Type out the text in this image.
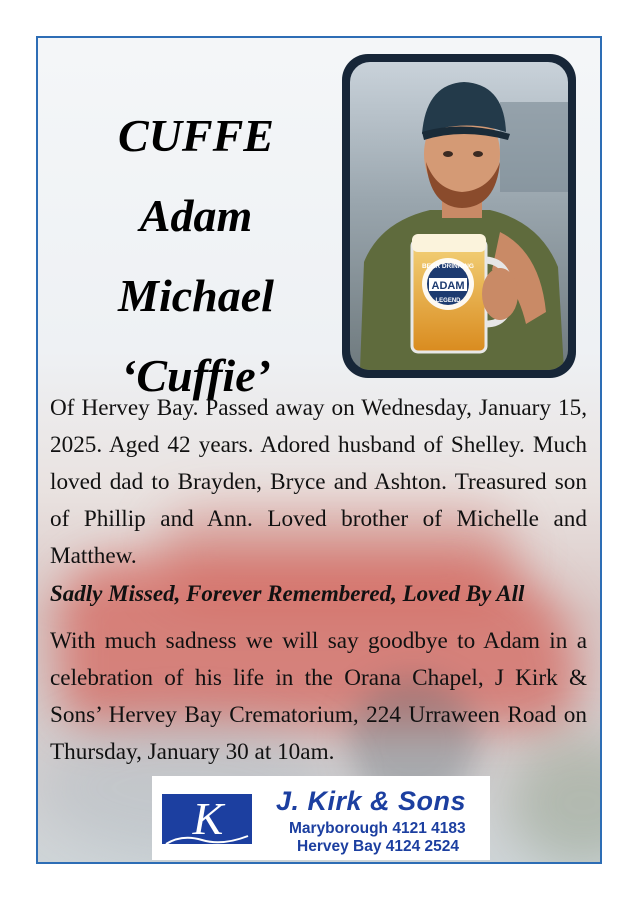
CUFFE

Adam

Michael

‘Cuffie’

BEER DRINKING
ADAM
LEGEND

Of Hervey Bay. Passed away on Wednesday, January 15, 2025. Aged 42 years. Adored husband of Shelley. Much loved dad to Brayden, Bryce and Ashton. Treasured son of Phillip and Ann. Loved brother of Michelle and Matthew.

Sadly Missed, Forever Remembered, Loved By All

With much sadness we will say goodbye to Adam in a celebration of his life in the Orana Chapel, J Kirk & Sons’ Hervey Bay Crematorium, 224 Urraween Road on Thursday, January 30 at 10am.

K J. Kirk & Sons
Maryborough 4121 4183
Hervey Bay 4124 2524
